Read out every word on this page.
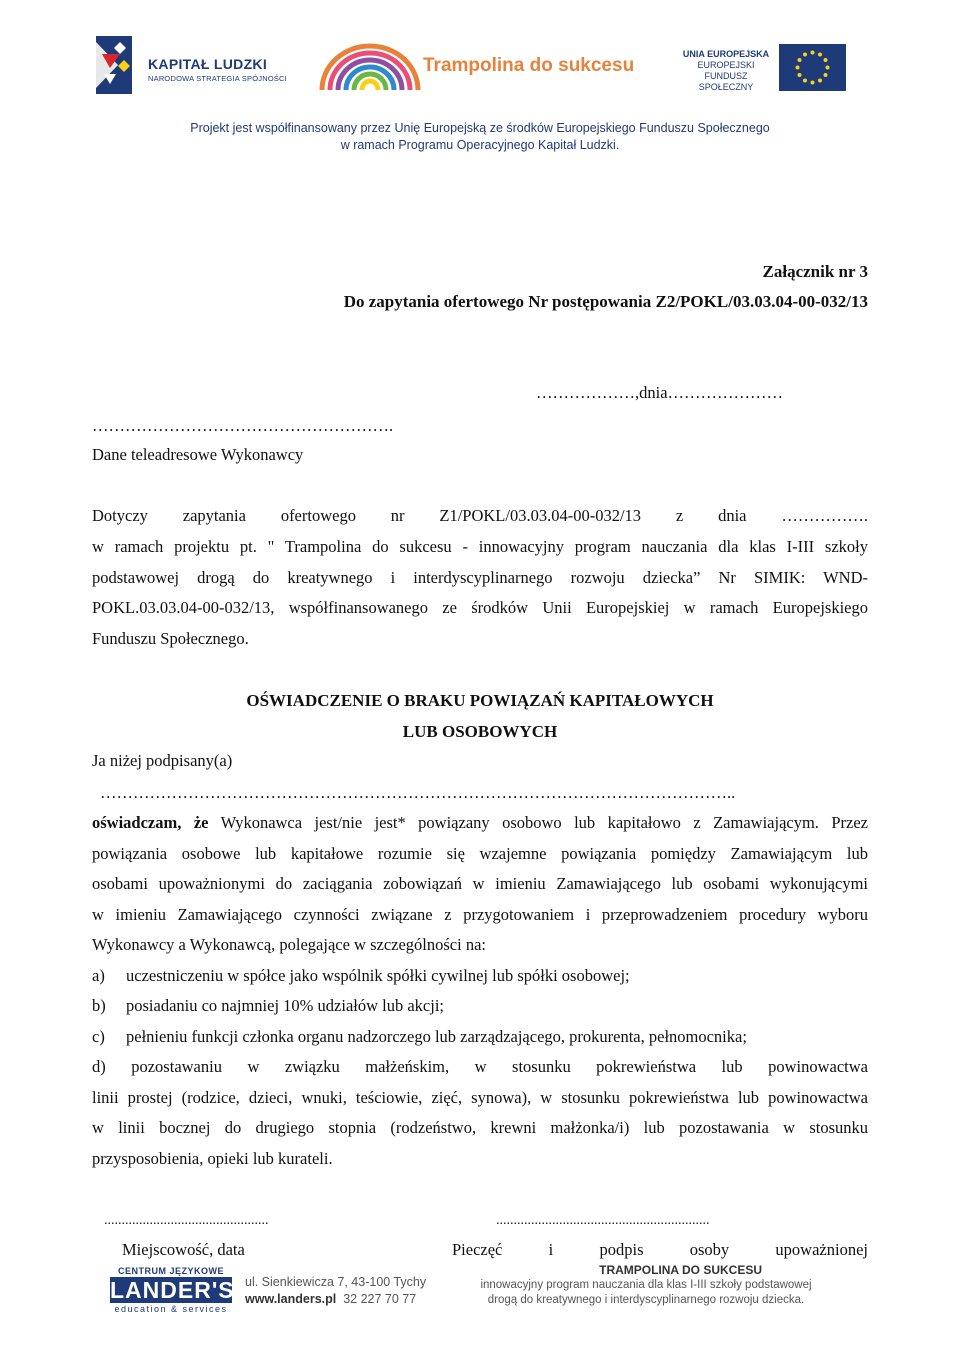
KAPITAŁ LUDZKI
NARODOWA STRATEGIA SPÓJNOŚCI
Trampolina do sukcesu
UNIA EUROPEJSKA
EUROPEJSKI
FUNDUSZ SPOŁECZNY
Projekt jest współfinansowany przez Unię Europejską ze środków Europejskiego Funduszu Społecznego
w ramach Programu Operacyjnego Kapitał Ludzki.
Załącznik nr 3
Do zapytania ofertowego Nr postępowania Z2/POKL/03.03.04-00-032/13
………………,dnia…………………
……………………………………………….
Dane teleadresowe Wykonawcy
Dotyczy zapytania ofertowego nr Z1/POKL/03.03.04-00-032/13 z dnia …………….
w ramach projektu pt. " Trampolina do sukcesu - innowacyjny program nauczania dla klas I-III szkoły
podstawowej drogą do kreatywnego i interdyscyplinarnego rozwoju dziecka” Nr SIMIK: WND-
POKL.03.03.04-00-032/13, współfinansowanego ze środków Unii Europejskiej w ramach Europejskiego
Funduszu Społecznego.
OŚWIADCZENIE O BRAKU POWIĄZAŃ KAPITAŁOWYCH
LUB OSOBOWYCH
Ja niżej podpisany(a)
……………………………………………………………………………………………………..
oświadczam, że Wykonawca jest/nie jest* powiązany osobowo lub kapitałowo z Zamawiającym. Przez
powiązania osobowe lub kapitałowe rozumie się wzajemne powiązania pomiędzy Zamawiającym lub
osobami upoważnionymi do zaciągania zobowiązań w imieniu Zamawiającego lub osobami wykonującymi
w imieniu Zamawiającego czynności związane z przygotowaniem i przeprowadzeniem procedury wyboru
Wykonawcy a Wykonawcą, polegające w szczególności na:
a) uczestniczeniu w spółce jako wspólnik spółki cywilnej lub spółki osobowej;
b) posiadaniu co najmniej 10% udziałów lub akcji;
c) pełnieniu funkcji członka organu nadzorczego lub zarządzającego, prokurenta, pełnomocnika;
d) pozostawaniu w związku małżeńskim, w stosunku pokrewieństwa lub powinowactwa
linii prostej (rodzice, dzieci, wnuki, teściowie, zięć, synowa), w stosunku pokrewieństwa lub powinowactwa
w linii bocznej do drugiego stopnia (rodzeństwo, krewni małżonka/i) lub pozostawania w stosunku
przysposobienia, opieki lub kurateli.
...............................................	.............................................................
Miejscowość, data	Pieczęć	i	podpis	osoby	upoważnionej
CENTRUM JĘZYKOWE
LANDER'S
education & services
ul. Sienkiewicza 7, 43-100 Tychy
www.landers.pl 32 227 70 77
TRAMPOLINA DO SUKCESU
innowacyjny program nauczania dla klas I-III szkoły podstawowej
drogą do kreatywnego i interdyscyplinarnego rozwoju dziecka.
